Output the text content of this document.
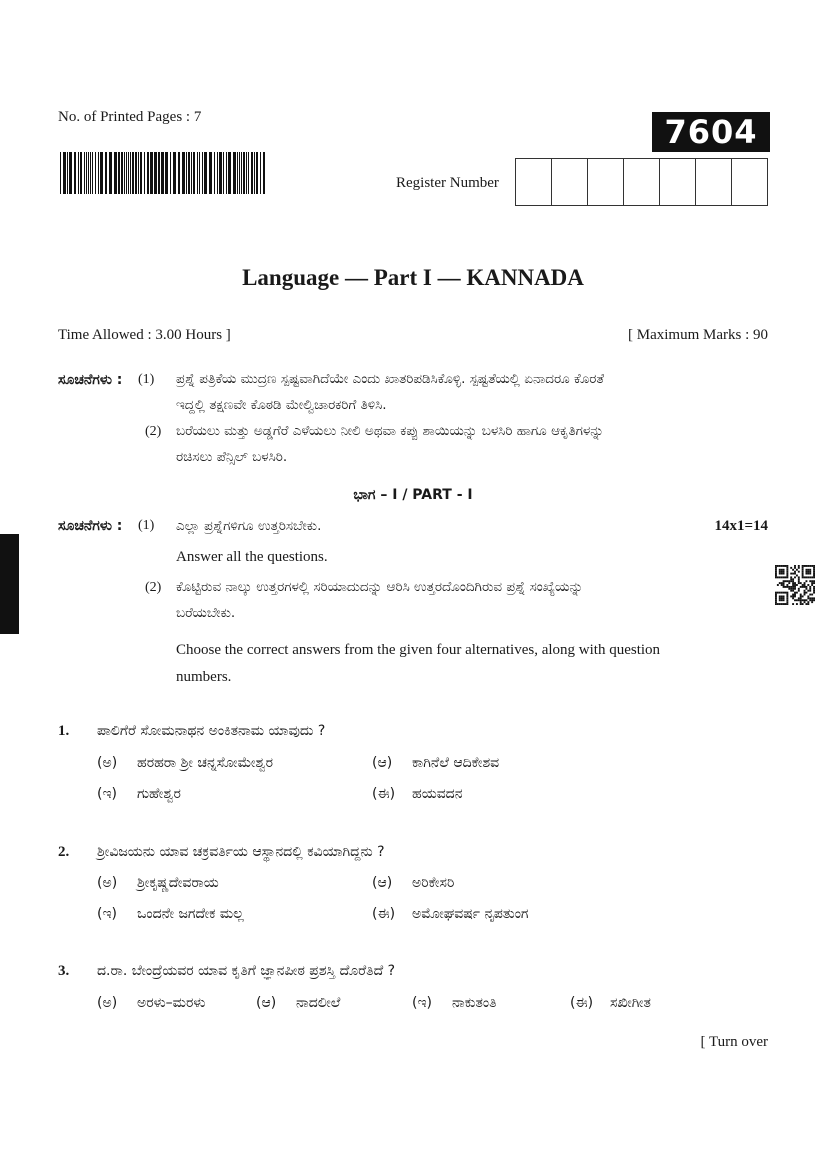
No. of Printed Pages : 7	7604
Register Number
Language — Part I — KANNADA
Time Allowed : 3.00 Hours ]	[ Maximum Marks : 90
ಸೂಚನೆಗಳು : (1) ಪ್ರಶ್ನೆ ಪತ್ರಿಕೆಯ ಮುದ್ರಣ ಸ್ಪಷ್ಟವಾಗಿದೆಯೇ ಎಂದು ಖಾತರಿಪಡಿಸಿಕೊಳ್ಳಿ. ಸ್ಪಷ್ಟತೆಯಲ್ಲಿ ಏನಾದರೂ ಕೊರತೆ
ಇದ್ದಲ್ಲಿ ತಕ್ಷಣವೇ ಕೊಠಡಿ ಮೇಲ್ವಿಚಾರಕರಿಗೆ ತಿಳಿಸಿ.
(2) ಬರೆಯಲು ಮತ್ತು ಅಡ್ಡಗೆರೆ ಎಳೆಯಲು ನೀಲಿ ಅಥವಾ ಕಪ್ಪು ಶಾಯಿಯನ್ನು ಬಳಸಿರಿ ಹಾಗೂ ಆಕೃತಿಗಳನ್ನು
ರಚಿಸಲು ಪೆನ್ಸಿಲ್ ಬಳಸಿರಿ.
ಭಾಗ – I / PART - I
ಸೂಚನೆಗಳು : (1) ಎಲ್ಲಾ ಪ್ರಶ್ನೆಗಳಿಗೂ ಉತ್ತರಿಸಬೇಕು.	14x1=14
Answer all the questions.
(2) ಕೊಟ್ಟಿರುವ ನಾಲ್ಕು ಉತ್ತರಗಳಲ್ಲಿ ಸರಿಯಾದುದನ್ನು ಆರಿಸಿ ಉತ್ತರದೊಂದಿಗಿರುವ ಪ್ರಶ್ನೆ ಸಂಖ್ಯೆಯನ್ನು
ಬರೆಯಬೇಕು.
Choose the correct answers from the given four alternatives, along with question
numbers.
1. ಪಾಲಿಗೆರೆ ಸೋಮನಾಥನ ಅಂಕಿತನಾಮ ಯಾವುದು ?
(ಅ) ಹರಹರಾ ಶ್ರೀ ಚನ್ನಸೋಮೇಶ್ವರ	(ಆ) ಕಾಗಿನೆಲೆ ಆದಿಕೇಶವ
(ಇ) ಗುಹೇಶ್ವರ	(ಈ) ಹಯವದನ
2. ಶ್ರೀವಿಜಯನು ಯಾವ ಚಕ್ರವರ್ತಿಯ ಆಸ್ಥಾನದಲ್ಲಿ ಕವಿಯಾಗಿದ್ದನು ?
(ಅ) ಶ್ರೀಕೃಷ್ಣದೇವರಾಯ	(ಆ) ಅರಿಕೇಸರಿ
(ಇ) ಒಂದನೇ ಜಗದೇಕ ಮಲ್ಲ	(ಈ) ಅಮೋಘವರ್ಷ ನೃಪತುಂಗ
3. ದ.ರಾ. ಬೇಂದ್ರೆಯವರ ಯಾವ ಕೃತಿಗೆ ಜ್ಞಾನಪೀಠ ಪ್ರಶಸ್ತಿ ದೊರೆತಿದೆ ?
(ಅ) ಅರಳು–ಮರಳು	(ಆ) ನಾದಲೀಲೆ	(ಇ) ನಾಕುತಂತಿ	(ಈ) ಸಖೀಗೀತ
[ Turn over
